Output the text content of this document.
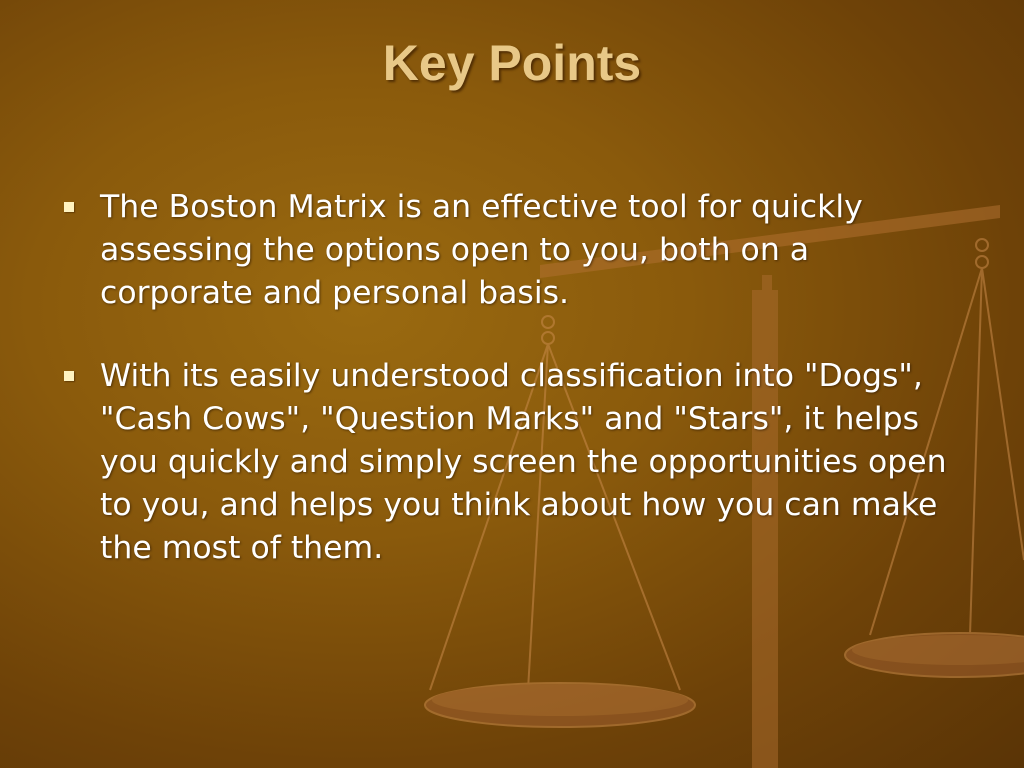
Key Points
The Boston Matrix is an effective tool for quickly assessing the options open to you, both on a corporate and personal basis.
With its easily understood classification into "Dogs", "Cash Cows", "Question Marks" and "Stars", it helps you quickly and simply screen the opportunities open to you, and helps you think about how you can make the most of them.
